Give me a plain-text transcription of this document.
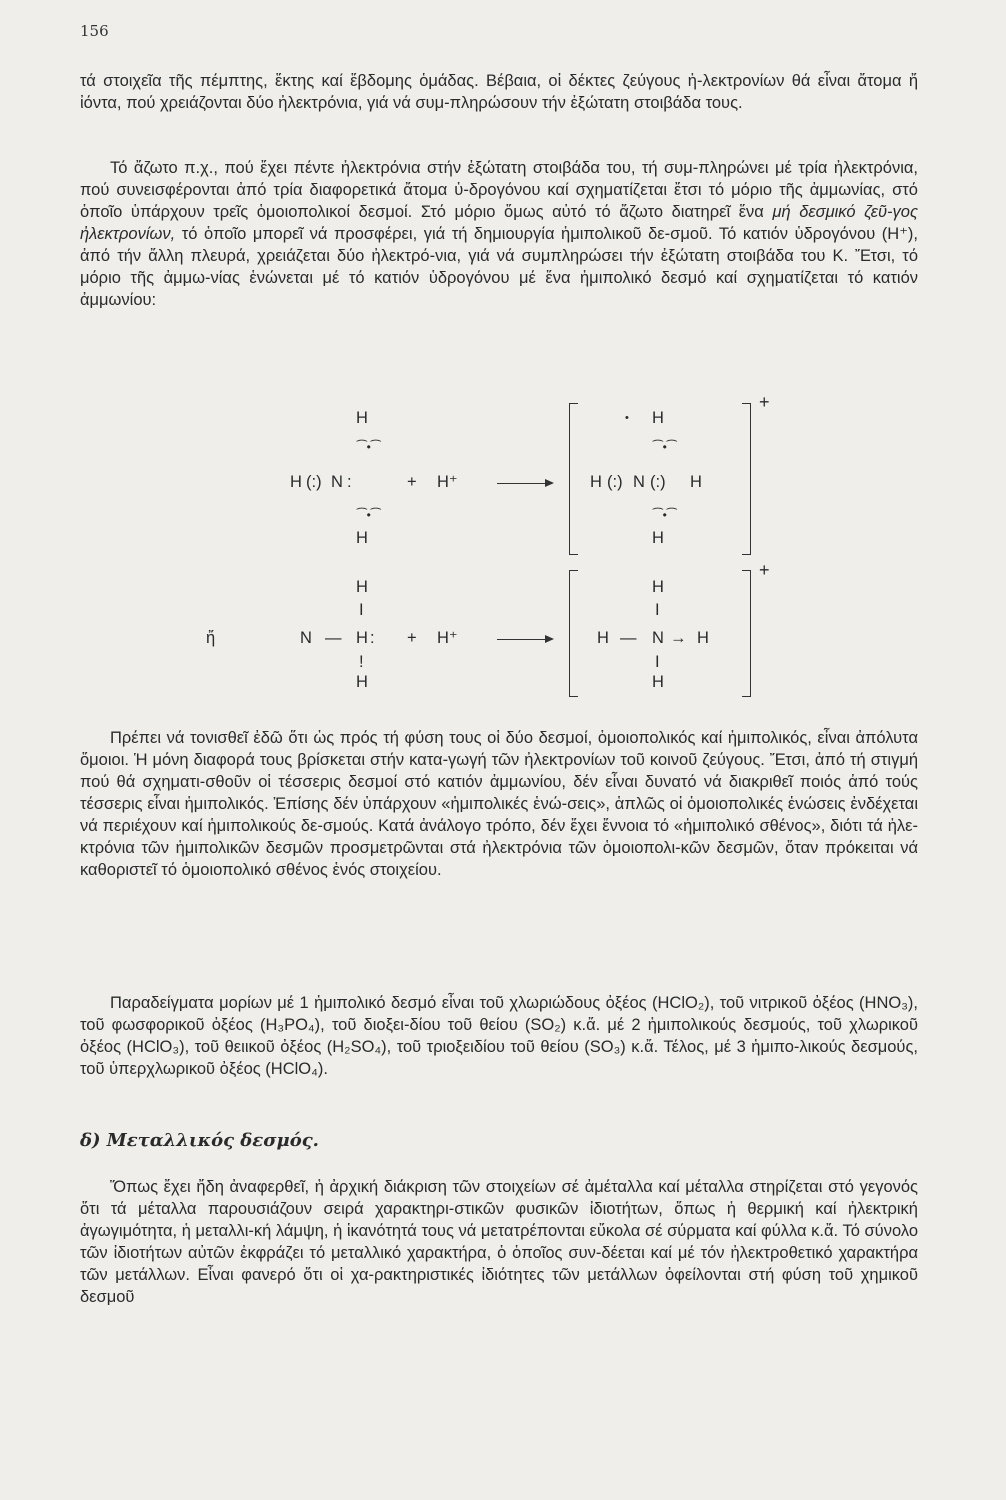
156

τά στοιχεῖα τῆς πέμπτης, ἕκτης καί ἕβδομης ὁμάδας. Βέβαια, οἱ δέκτες ζεύγους ἠ-λεκτρονίων θά εἶναι ἄτομα ἤ ἰόντα, πού χρειάζονται δύο ἠλεκτρόνια, γιά νά συμ-πληρώσουν τήν ἐξώτατη στοιβάδα τους.

Τό ἄζωτο π.χ., πού ἔχει πέντε ἠλεκτρόνια στήν ἐξώτατη στοιβάδα του, τή συμ-πληρώνει μέ τρία ἠλεκτρόνια, πού συνεισφέρονται ἀπό τρία διαφορετικά ἄτομα ὑ-δρογόνου καί σχηματίζεται ἔτσι τό μόριο τῆς ἀμμωνίας, στό ὁποῖο ὑπάρχουν τρεῖς ὁμοιοπολικοί δεσμοί. Στό μόριο ὅμως αὐτό τό ἄζωτο διατηρεῖ ἕνα μή δεσμικό ζεῦ-γος ἠλεκτρονίων, τό ὁποῖο μπορεῖ νά προσφέρει, γιά τή δημιουργία ἡμιπολικοῦ δε-σμοῦ. Τό κατιόν ὑδρογόνου (H⁺), ἀπό τήν ἄλλη πλευρά, χρειάζεται δύο ἠλεκτρό-νια, γιά νά συμπληρώσει τήν ἐξώτατη στοιβάδα του K. Ἔτσι, τό μόριο τῆς ἀμμω-νίας ἑνώνεται μέ τό κατιόν ὑδρογόνου μέ ἕνα ἡμιπολικό δεσμό καί σχηματίζεται τό κατιόν ἀμμωνίου:

H
⁀•⁀
H (:) N :	+ H⁺
⁀•⁀
H
• H
⁀•⁀
H (:) N (:) H
⁀•⁀
H
+
H
I
ἤ	N — H : + H⁺
!
H
H
I
H — N → H
I
H
+

Πρέπει νά τονισθεῖ ἐδῶ ὅτι ὡς πρός τή φύση τους οἱ δύο δεσμοί, ὁμοιοπολικός καί ἡμιπολικός, εἶναι ἀπόλυτα ὅμοιοι. Ἡ μόνη διαφορά τους βρίσκεται στήν κατα-γωγή τῶν ἠλεκτρονίων τοῦ κοινοῦ ζεύγους. Ἔτσι, ἀπό τή στιγμή πού θά σχηματι-σθοῦν οἱ τέσσερις δεσμοί στό κατιόν ἀμμωνίου, δέν εἶναι δυνατό νά διακριθεῖ ποιός ἀπό τούς τέσσερις εἶναι ἡμιπολικός. Ἐπίσης δέν ὑπάρχουν «ἡμιπολικές ἑνώ-σεις», ἁπλῶς οἱ ὁμοιοπολικές ἑνώσεις ἐνδέχεται νά περιέχουν καί ἡμιπολικούς δε-σμούς. Κατά ἀνάλογο τρόπο, δέν ἔχει ἔννοια τό «ἡμιπολικό σθένος», διότι τά ἠλε-κτρόνια τῶν ἡμιπολικῶν δεσμῶν προσμετρῶνται στά ἠλεκτρόνια τῶν ὁμοιοπολι-κῶν δεσμῶν, ὅταν πρόκειται νά καθοριστεῖ τό ὁμοιοπολικό σθένος ἑνός στοιχείου.

Παραδείγματα μορίων μέ 1 ἡμιπολικό δεσμό εἶναι τοῦ χλωριώδους ὀξέος (HClO₂), τοῦ νιτρικοῦ ὀξέος (HNO₃), τοῦ φωσφορικοῦ ὀξέος (H₃PO₄), τοῦ διοξει-δίου τοῦ θείου (SO₂) κ.ἄ. μέ 2 ἡμιπολικούς δεσμούς, τοῦ χλωρικοῦ ὀξέος (HClO₃), τοῦ θειικοῦ ὀξέος (H₂SO₄), τοῦ τριοξειδίου τοῦ θείου (SO₃) κ.ἄ. Τέλος, μέ 3 ἡμιπο-λικούς δεσμούς, τοῦ ὑπερχλωρικοῦ ὀξέος (HClO₄).

δ) Μεταλλικός δεσμός.

Ὅπως ἔχει ἤδη ἀναφερθεῖ, ἡ ἀρχική διάκριση τῶν στοιχείων σέ ἀμέταλλα καί μέταλλα στηρίζεται στό γεγονός ὅτι τά μέταλλα παρουσιάζουν σειρά χαρακτηρι-στικῶν φυσικῶν ἰδιοτήτων, ὅπως ἡ θερμική καί ἠλεκτρική ἀγωγιμότητα, ἡ μεταλλι-κή λάμψη, ἡ ἱκανότητά τους νά μετατρέπονται εὔκολα σέ σύρματα καί φύλλα κ.ἄ. Τό σύνολο τῶν ἰδιοτήτων αὐτῶν ἐκφράζει τό μεταλλικό χαρακτήρα, ὁ ὁποῖος συν-δέεται καί μέ τόν ἠλεκτροθετικό χαρακτήρα τῶν μετάλλων. Εἶναι φανερό ὅτι οἱ χα-ρακτηριστικές ἰδιότητες τῶν μετάλλων ὀφείλονται στή φύση τοῦ χημικοῦ δεσμοῦ
